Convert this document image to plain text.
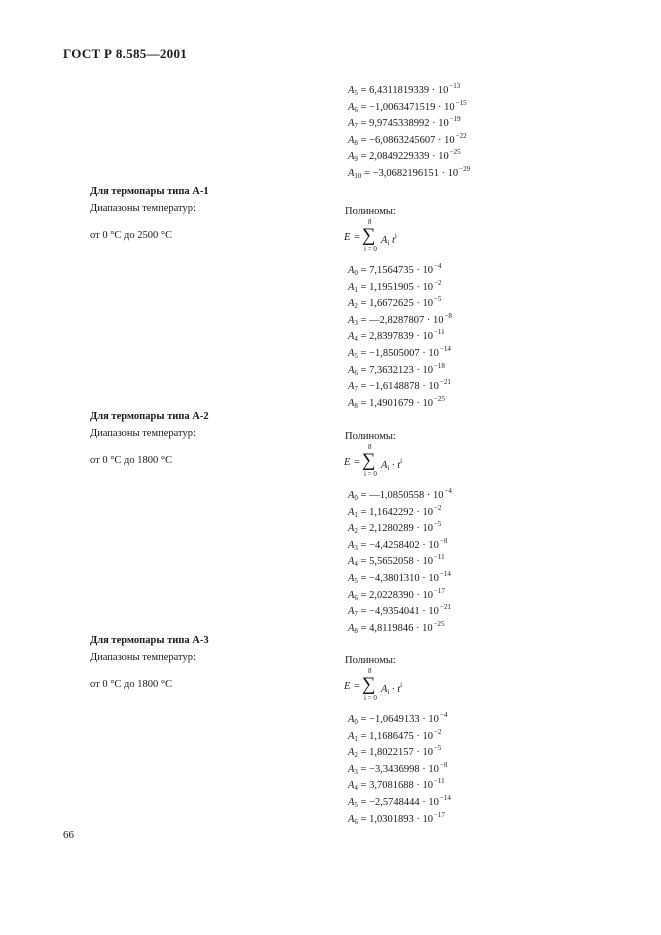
ГОСТ Р 8.585—2001
$A_5 = 6,4311819339 \cdot 10^{-13}$
$A_6 = -1,0063471519 \cdot 10^{-15}$
$A_7 = 9,9745338992 \cdot 10^{-19}$
$A_8 = -6,0863245607 \cdot 10^{-22}$
$A_9 = 2,0849229339 \cdot 10^{-25}$
$A_{10} = -3,0682196151 \cdot 10^{-29}$
Для термопары типа А-1
Диапазоны температур:	Полиномы:
от 0 °С до 2500 °С	E = ∑
8
i = 0
$A_i$ $t^i$
$A_0 = 7,1564735 \cdot 10^{-4}$
$A_1 = 1,1951905 \cdot 10^{-2}$
$A_2 = 1,6672625 \cdot 10^{-5}$
$A_3$ = —2,8287807 · $10^{-8}$
$A_4 = 2,8397839 \cdot 10^{-11}$
$A_5 = -1,8505007 \cdot 10^{-14}$
$A_6 = 7,3632123 \cdot 10^{-18}$
$A_7 = -1,6148878 \cdot 10^{-21}$
$A_8 = 1,4901679 \cdot 10^{-25}$
Для термопары типа А-2
Диапазоны температур:	Полиномы:
от 0 °С до 1800 °С	E = ∑
8
i = 0
$A_i \cdot t^i$
$A_0$ = —1,0850558 · $10^{-4}$
$A_1 = 1,1642292 \cdot 10^{-2}$
$A_2 = 2,1280289 \cdot 10^{-5}$
$A_3 = -4,4258402 \cdot 10^{-8}$
$A_4 = 5,5652058 \cdot 10^{-11}$
$A_5 = -4,3801310 \cdot 10^{-14}$
$A_6 = 2,0228390 \cdot 10^{-17}$
$A_7 = -4,9354041 \cdot 10^{-21}$
$A_8 = 4,8119846 \cdot 10^{-25}$
Для термопары типа А-3
Диапазоны температур:	Полиномы:
от 0 °С до 1800 °С	E = ∑
8
i = 0
$A_i \cdot t^i$
$A_0 = -1,0649133 \cdot 10^{-4}$
$A_1 = 1,1686475 \cdot 10^{-2}$
$A_2 = 1,8022157 \cdot 10^{-5}$
$A_3 = -3,3436998 \cdot 10^{-8}$
$A_4 = 3,7081688 \cdot 10^{-11}$
$A_5 = -2,5748444 \cdot 10^{-14}$
$A_6 = 1,0301893 \cdot 10^{-17}$
66
